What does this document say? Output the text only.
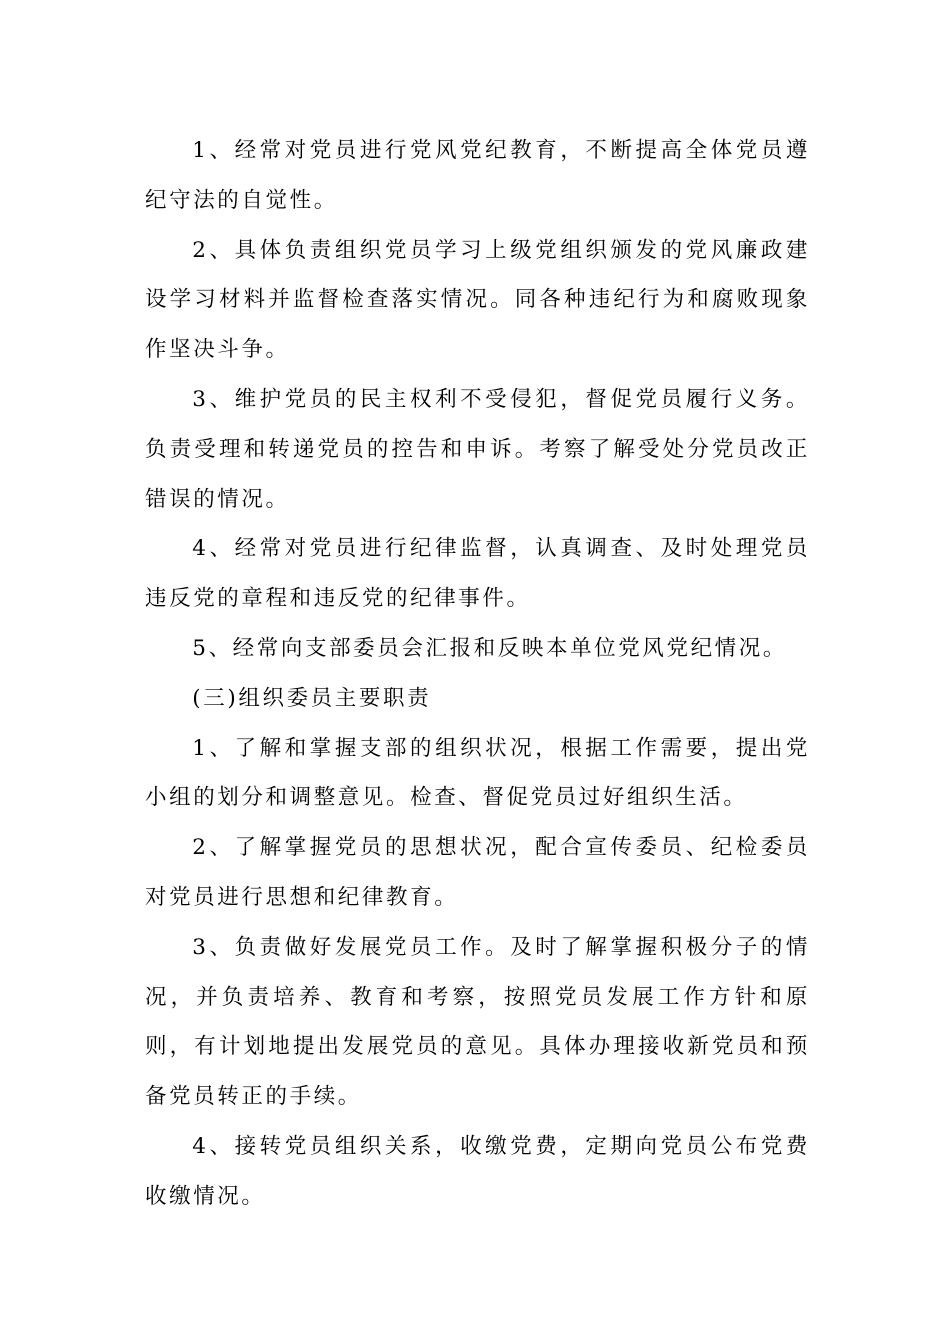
1、经常对党员进行党风党纪教育，不断提高全体党员遵纪守法的自觉性。

2、具体负责组织党员学习上级党组织颁发的党风廉政建设学习材料并监督检查落实情况。同各种违纪行为和腐败现象作坚决斗争。

3、维护党员的民主权利不受侵犯，督促党员履行义务。负责受理和转递党员的控告和申诉。考察了解受处分党员改正错误的情况。

4、经常对党员进行纪律监督，认真调查、及时处理党员违反党的章程和违反党的纪律事件。

5、经常向支部委员会汇报和反映本单位党风党纪情况。

(三)组织委员主要职责

1、了解和掌握支部的组织状况，根据工作需要，提出党小组的划分和调整意见。检查、督促党员过好组织生活。

2、了解掌握党员的思想状况，配合宣传委员、纪检委员对党员进行思想和纪律教育。

3、负责做好发展党员工作。及时了解掌握积极分子的情况，并负责培养、教育和考察，按照党员发展工作方针和原则，有计划地提出发展党员的意见。具体办理接收新党员和预备党员转正的手续。

4、接转党员组织关系，收缴党费，定期向党员公布党费收缴情况。
